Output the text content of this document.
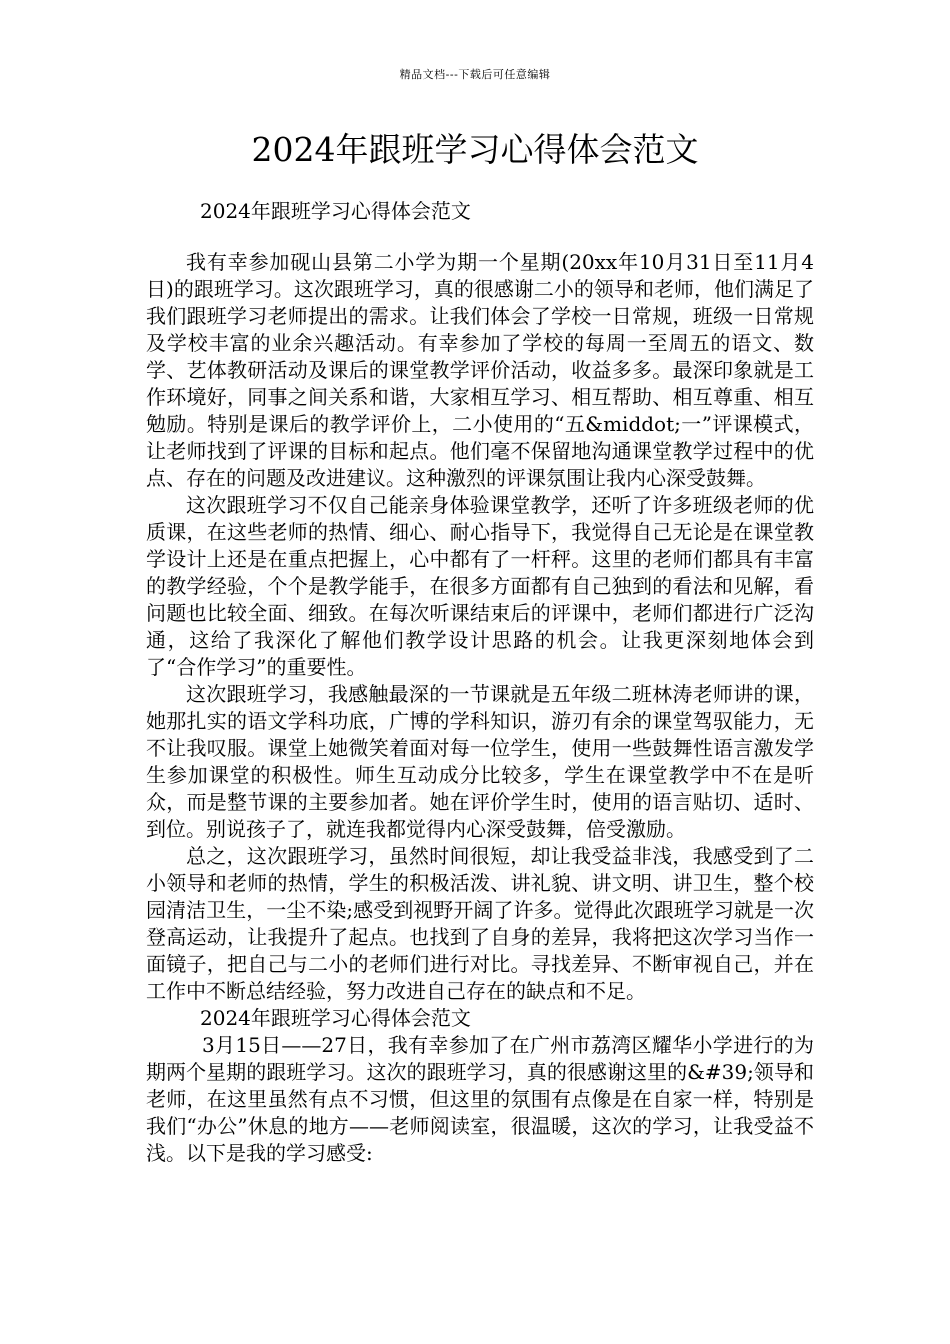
精品文档---下载后可任意编辑
2024年跟班学习心得体会范文

2024年跟班学习心得体会范文

我有幸参加砚山县第二小学为期一个星期(20xx年10月31日至11月4日)的跟班学习。这次跟班学习，真的很感谢二小的领导和老师，他们满足了我们跟班学习老师提出的需求。让我们体会了学校一日常规，班级一日常规及学校丰富的业余兴趣活动。有幸参加了学校的每周一至周五的语文、数学、艺体教研活动及课后的课堂教学评价活动，收益多多。最深印象就是工作环境好，同事之间关系和谐，大家相互学习、相互帮助、相互尊重、相互勉励。特别是课后的教学评价上，二小使用的“五&middot;一”评课模式，让老师找到了评课的目标和起点。他们毫不保留地沟通课堂教学过程中的优点、存在的问题及改进建议。这种激烈的评课氛围让我内心深受鼓舞。

这次跟班学习不仅自己能亲身体验课堂教学，还听了许多班级老师的优质课，在这些老师的热情、细心、耐心指导下，我觉得自己无论是在课堂教学设计上还是在重点把握上，心中都有了一杆秤。这里的老师们都具有丰富的教学经验，个个是教学能手，在很多方面都有自己独到的看法和见解，看问题也比较全面、细致。在每次听课结束后的评课中，老师们都进行广泛沟通，这给了我深化了解他们教学设计思路的机会。让我更深刻地体会到了“合作学习”的重要性。

这次跟班学习，我感触最深的一节课就是五年级二班林涛老师讲的课，她那扎实的语文学科功底，广博的学科知识，游刃有余的课堂驾驭能力，无不让我叹服。课堂上她微笑着面对每一位学生，使用一些鼓舞性语言激发学生参加课堂的积极性。师生互动成分比较多，学生在课堂教学中不在是听众，而是整节课的主要参加者。她在评价学生时，使用的语言贴切、适时、到位。别说孩子了，就连我都觉得内心深受鼓舞，倍受激励。

总之，这次跟班学习，虽然时间很短，却让我受益非浅，我感受到了二小领导和老师的热情，学生的积极活泼、讲礼貌、讲文明、讲卫生，整个校园清洁卫生，一尘不染;感受到视野开阔了许多。觉得此次跟班学习就是一次登高运动，让我提升了起点。也找到了自身的差异，我将把这次学习当作一面镜子，把自己与二小的老师们进行对比。寻找差异、不断审视自己，并在工作中不断总结经验，努力改进自己存在的缺点和不足。

2024年跟班学习心得体会范文

3月15日——27日，我有幸参加了在广州市荔湾区耀华小学进行的为期两个星期的跟班学习。这次的跟班学习，真的很感谢这里的&#39;领导和老师，在这里虽然有点不习惯，但这里的氛围有点像是在自家一样，特别是我们“办公”休息的地方——老师阅读室，很温暖，这次的学习，让我受益不浅。以下是我的学习感受:
